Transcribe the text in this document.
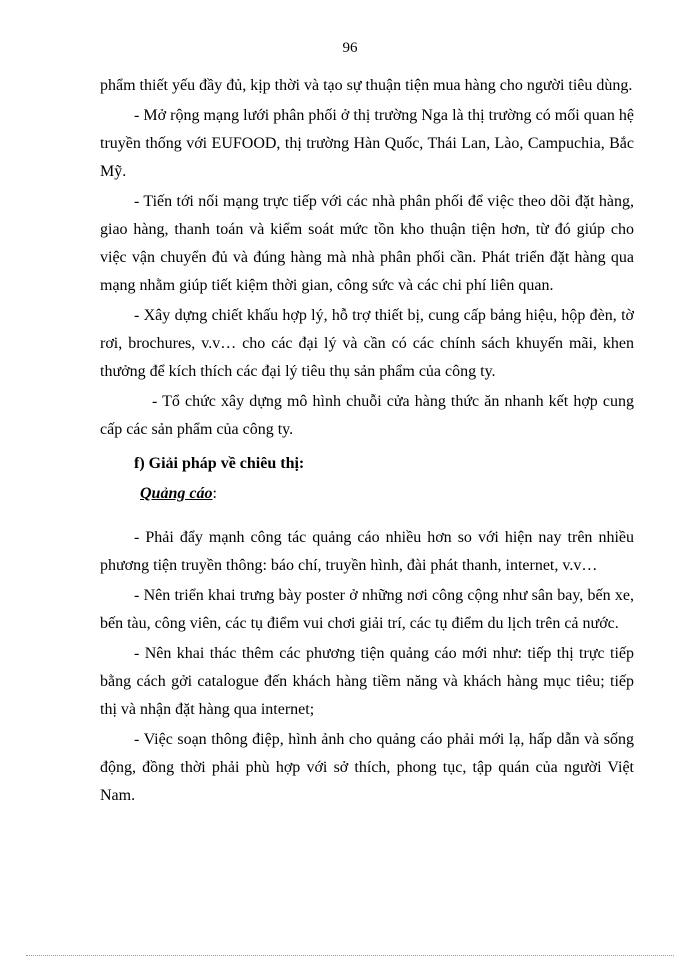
96

phẩm thiết yếu đầy đủ, kịp thời và tạo sự thuận tiện mua hàng cho người tiêu dùng.

- Mở rộng mạng lưới phân phối ở thị trường Nga là thị trường có mối quan hệ truyền thống với EUFOOD, thị trường Hàn Quốc, Thái Lan, Lào, Campuchia, Bắc Mỹ.

- Tiến tới nối mạng trực tiếp với các nhà phân phối để việc theo dõi đặt hàng, giao hàng, thanh toán và kiểm soát mức tồn kho thuận tiện hơn, từ đó giúp cho việc vận chuyển đủ và đúng hàng mà nhà phân phối cần. Phát triển đặt hàng qua mạng nhằm giúp tiết kiệm thời gian, công sức và các chi phí liên quan.

- Xây dựng chiết khấu hợp lý, hỗ trợ thiết bị, cung cấp bảng hiệu, hộp đèn, tờ rơi, brochures, v.v… cho các đại lý và cần có các chính sách khuyến mãi, khen thưởng để kích thích các đại lý tiêu thụ sản phẩm của công ty.

- Tổ chức xây dựng mô hình chuỗi cửa hàng thức ăn nhanh kết hợp cung cấp các sản phẩm của công ty.

f) Giải pháp về chiêu thị:

Quảng cáo:

- Phải đẩy mạnh công tác quảng cáo nhiều hơn so với hiện nay trên nhiều phương tiện truyền thông: báo chí, truyền hình, đài phát thanh, internet, v.v…

- Nên triển khai trưng bày poster ở những nơi công cộng như sân bay, bến xe, bến tàu, công viên, các tụ điểm vui chơi giải trí, các tụ điểm du lịch trên cả nước.

- Nên khai thác thêm các phương tiện quảng cáo mới như: tiếp thị trực tiếp bằng cách gởi catalogue đến khách hàng tiềm năng và khách hàng mục tiêu; tiếp thị và nhận đặt hàng qua internet;

- Việc soạn thông điệp, hình ảnh cho quảng cáo phải mới lạ, hấp dẫn và sống động, đồng thời phải phù hợp với sở thích, phong tục, tập quán của người Việt Nam.
